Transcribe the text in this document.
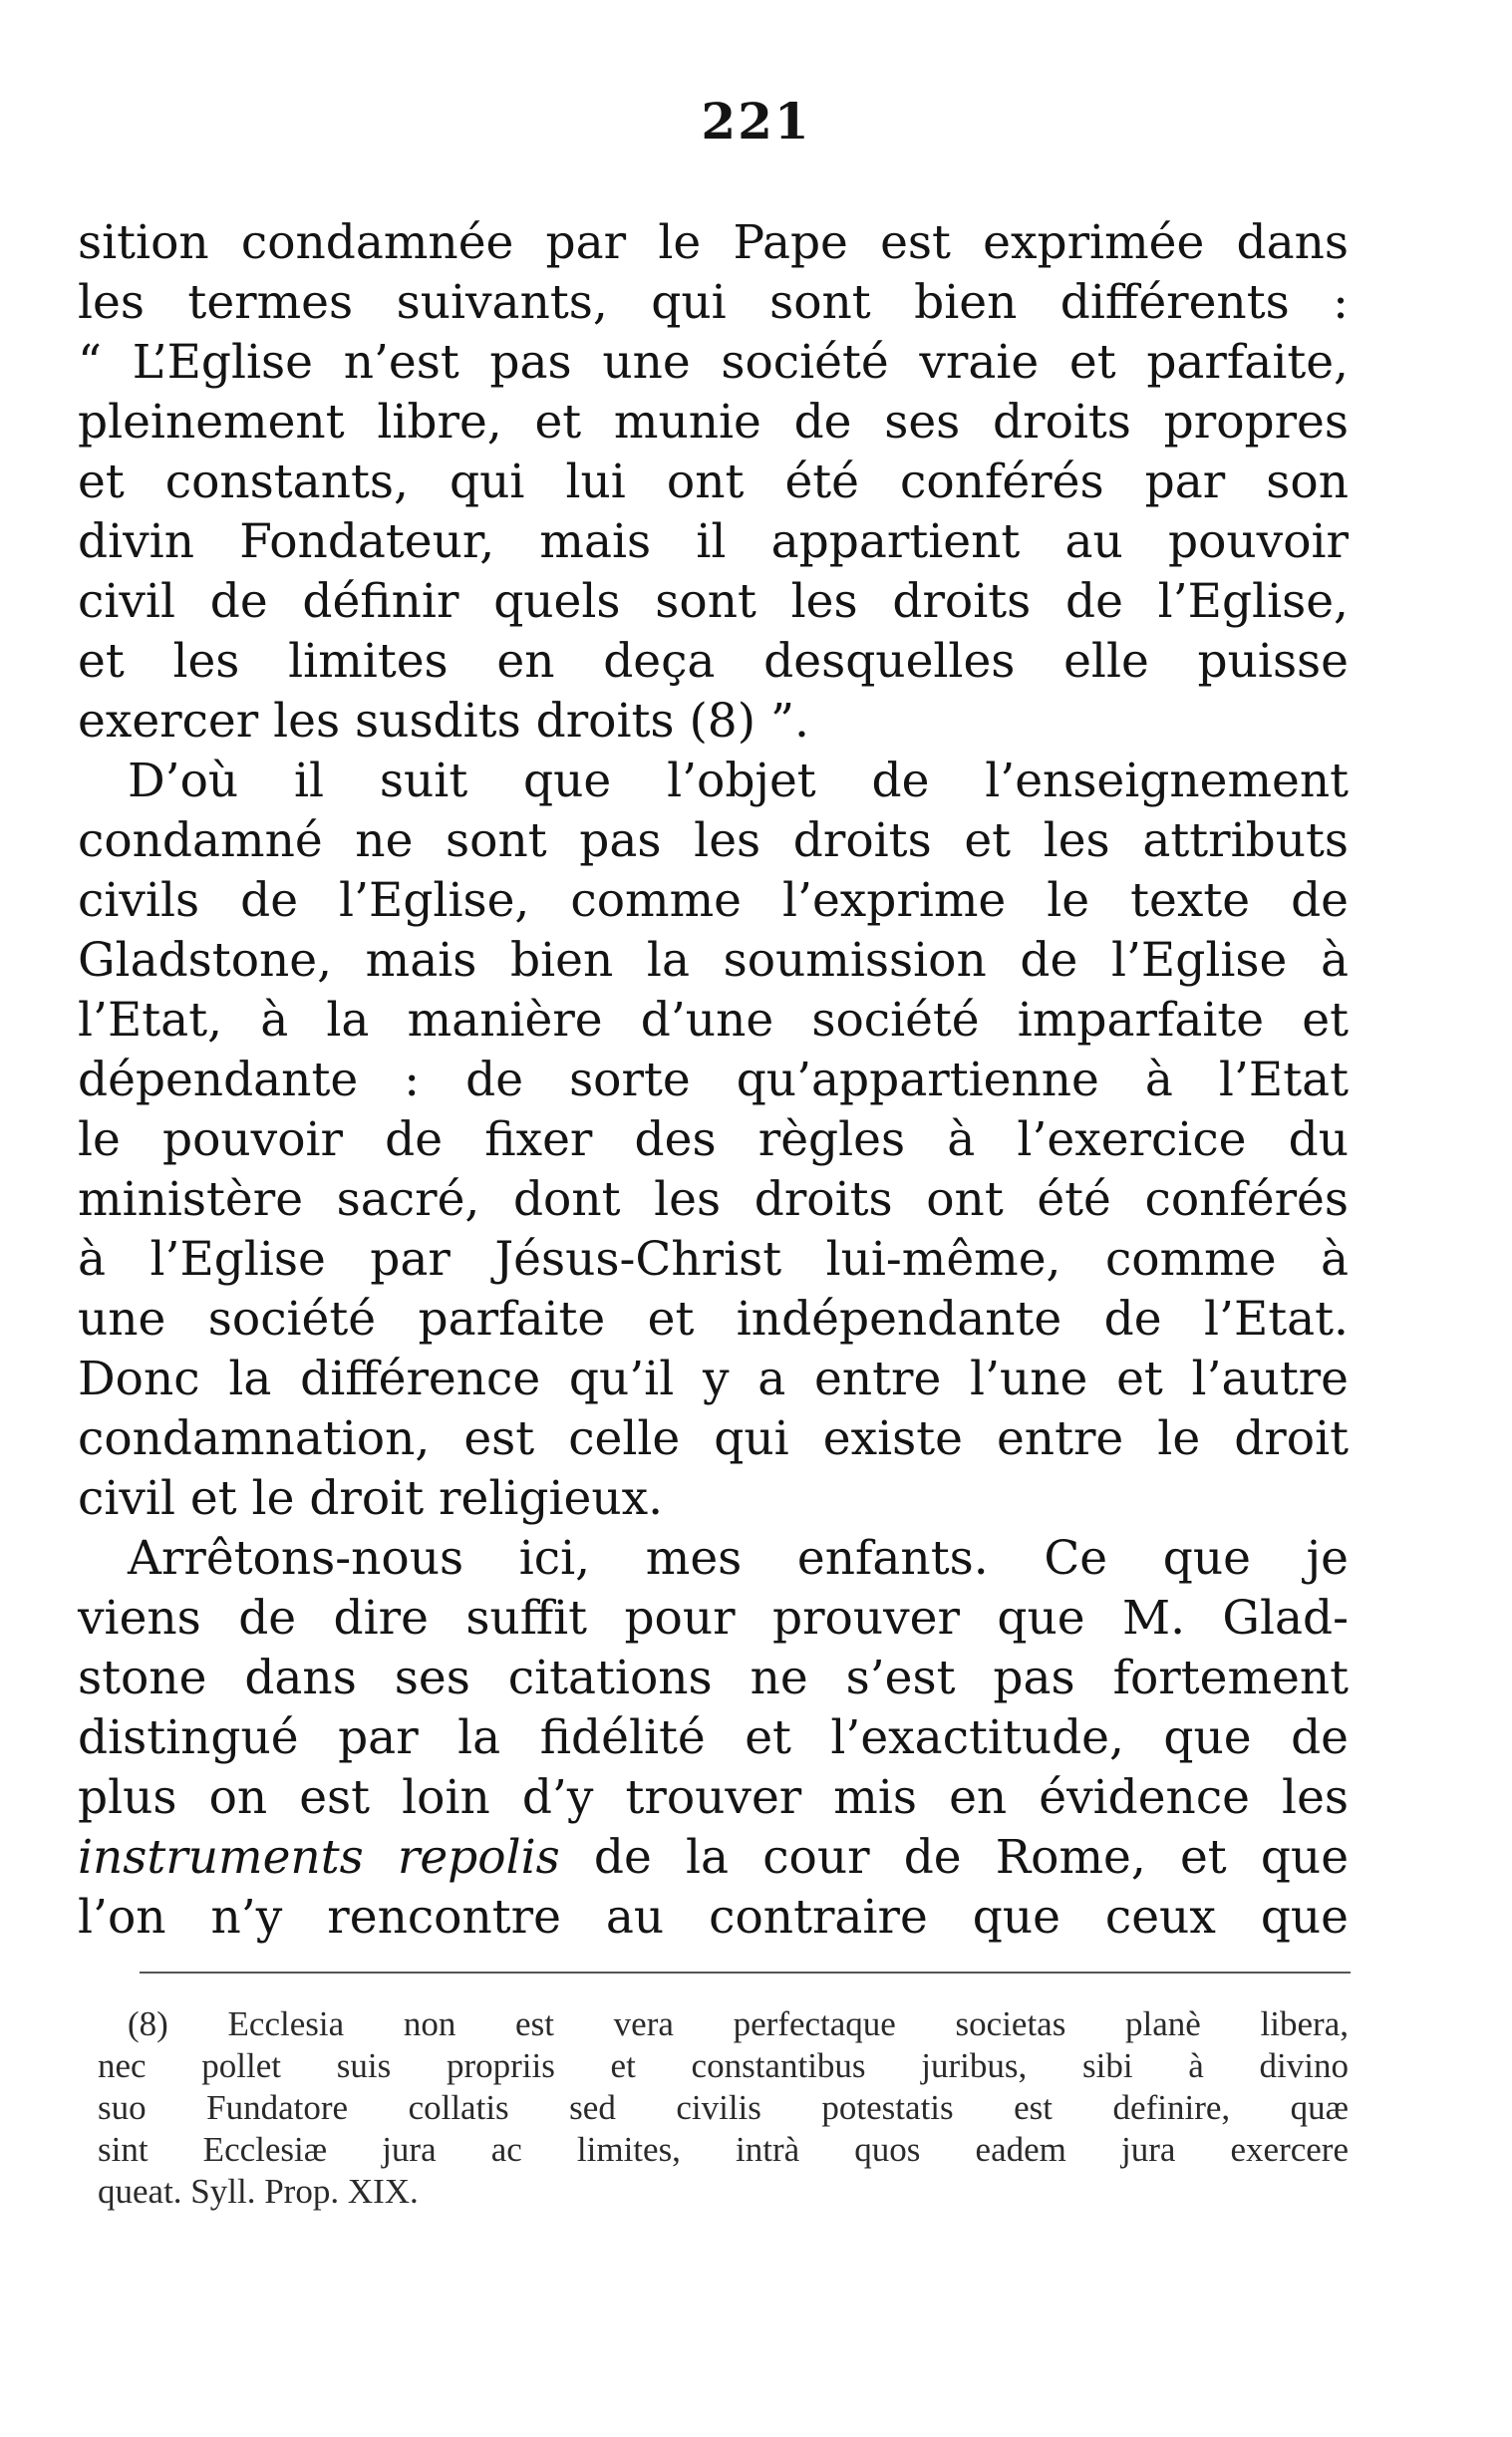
221
sition condamnée par le Pape est exprimée dans
les termes suivants, qui sont bien différents :
“ L’Eglise n’est pas une société vraie et parfaite,
pleinement libre, et munie de ses droits propres
et constants, qui lui ont été conférés par son
divin Fondateur, mais il appartient au pouvoir
civil de définir quels sont les droits de l’Eglise,
et les limites en deça desquelles elle puisse
exercer les susdits droits (8) ”.
D’où il suit que l’objet de l’enseignement
condamné ne sont pas les droits et les attributs
civils de l’Eglise, comme l’exprime le texte de
Gladstone, mais bien la soumission de l’Eglise à
l’Etat, à la manière d’une société imparfaite et
dépendante : de sorte qu’appartienne à l’Etat
le pouvoir de fixer des règles à l’exercice du
ministère sacré, dont les droits ont été conférés
à l’Eglise par Jésus-Christ lui-même, comme à
une société parfaite et indépendante de l’Etat.
Donc la différence qu’il y a entre l’une et l’autre
condamnation, est celle qui existe entre le droit
civil et le droit religieux.
Arrêtons-nous ici, mes enfants. Ce que je
viens de dire suffit pour prouver que M. Glad-
stone dans ses citations ne s’est pas fortement
distingué par la fidélité et l’exactitude, que de
plus on est loin d’y trouver mis en évidence les
instruments repolis de la cour de Rome, et que
l’on n’y rencontre au contraire que ceux que
(8) Ecclesia non est vera perfectaque societas planè libera,
nec pollet suis propriis et constantibus juribus, sibi à divino
suo Fundatore collatis sed civilis potestatis est definire, quæ
sint Ecclesiæ jura ac limites, intrà quos eadem jura exercere
queat. Syll. Prop. XIX.
